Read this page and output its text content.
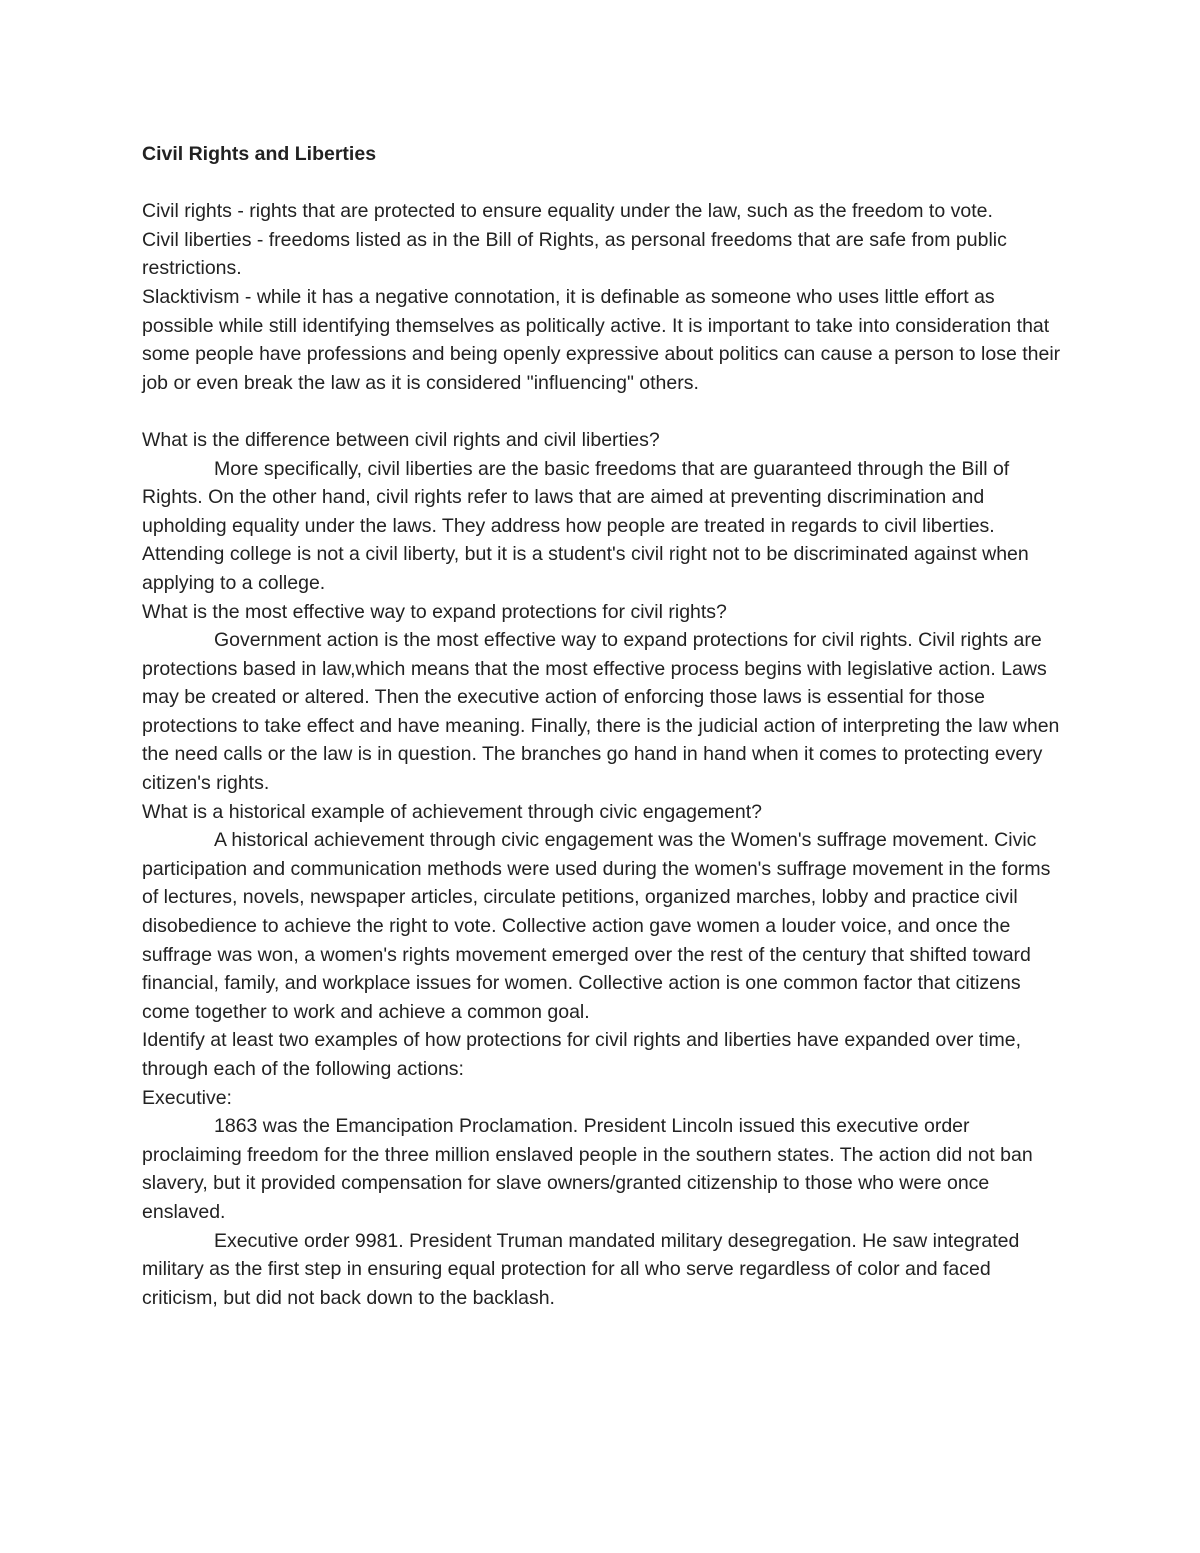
Civil Rights and Liberties

Civil rights - rights that are protected to ensure equality under the law, such as the freedom to vote.

Civil liberties - freedoms listed as in the Bill of Rights, as personal freedoms that are safe from public restrictions.

Slacktivism - while it has a negative connotation, it is definable as someone who uses little effort as possible while still identifying themselves as politically active. It is important to take into consideration that some people have professions and being openly expressive about politics can cause a person to lose their job or even break the law as it is considered "influencing" others.

What is the difference between civil rights and civil liberties?

More specifically, civil liberties are the basic freedoms that are guaranteed through the Bill of Rights. On the other hand, civil rights refer to laws that are aimed at preventing discrimination and upholding equality under the laws. They address how people are treated in regards to civil liberties. Attending college is not a civil liberty, but it is a student's civil right not to be discriminated against when applying to a college.

What is the most effective way to expand protections for civil rights?

Government action is the most effective way to expand protections for civil rights. Civil rights are protections based in law,which means that the most effective process begins with legislative action. Laws may be created or altered. Then the executive action of enforcing those laws is essential for those protections to take effect and have meaning. Finally, there is the judicial action of interpreting the law when the need calls or the law is in question. The branches go hand in hand when it comes to protecting every citizen's rights.

What is a historical example of achievement through civic engagement?

A historical achievement through civic engagement was the Women's suffrage movement. Civic participation and communication methods were used during the women's suffrage movement in the forms of lectures, novels, newspaper articles, circulate petitions, organized marches, lobby and practice civil disobedience to achieve the right to vote. Collective action gave women a louder voice, and once the suffrage was won, a women's rights movement emerged over the rest of the century that shifted toward financial, family, and workplace issues for women. Collective action is one common factor that citizens come together to work and achieve a common goal.

Identify at least two examples of how protections for civil rights and liberties have expanded over time, through each of the following actions:

Executive:

1863 was the Emancipation Proclamation. President Lincoln issued this executive order proclaiming freedom for the three million enslaved people in the southern states. The action did not ban slavery, but it provided compensation for slave owners/granted citizenship to those who were once enslaved.

Executive order 9981. President Truman mandated military desegregation. He saw integrated military as the first step in ensuring equal protection for all who serve regardless of color and faced criticism, but did not back down to the backlash.
